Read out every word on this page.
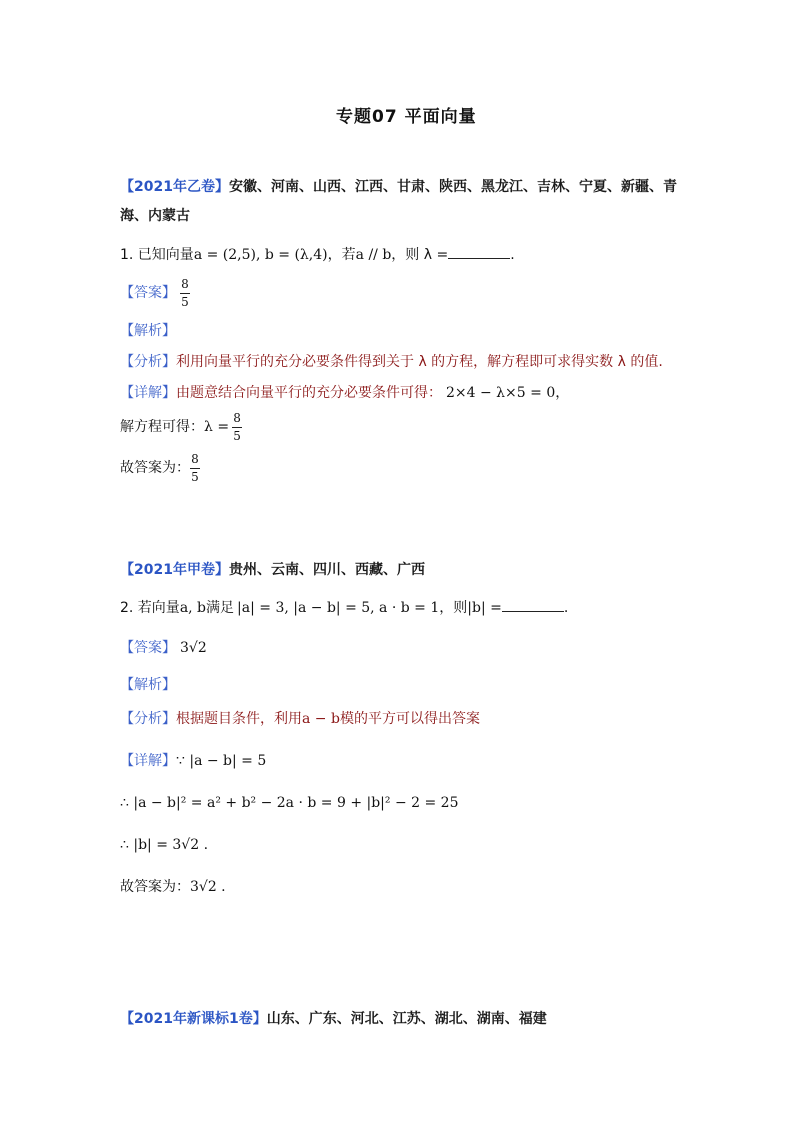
专题07 平面向量
【2021年乙卷】安徽、河南、山西、江西、甘肃、陕西、黑龙江、吉林、宁夏、新疆、青
海、内蒙古
1. 已知向量a = (2,5), b = (λ,4)，若a // b，则 λ =	.
【答案】 $\frac{8}{5}$
【解析】
【分析】利用向量平行的充分必要条件得到关于 λ 的方程，解方程即可求得实数 λ 的值.
【详解】由题意结合向量平行的充分必要条件可得： 2×4 − λ×5 = 0，
解方程可得： $\lambda = \frac{8}{5}$
故答案为： $\frac{8}{5}$
【2021年甲卷】贵州、云南、四川、西藏、广西
2. 若向量a, b满足 |a| = 3, |a − b| = 5, a · b = 1，则|b| =	.
【答案】 3√2
【解析】
【分析】根据题目条件，利用a − b模的平方可以得出答案
【详解】∵ |a − b| = 5
∴ |a − b|² = a² + b² − 2a · b = 9 + |b|² − 2 = 25
∴ |b| = 3√2 .
故答案为：3√2 .
【2021年新课标1卷】山东、广东、河北、江苏、湖北、湖南、福建
